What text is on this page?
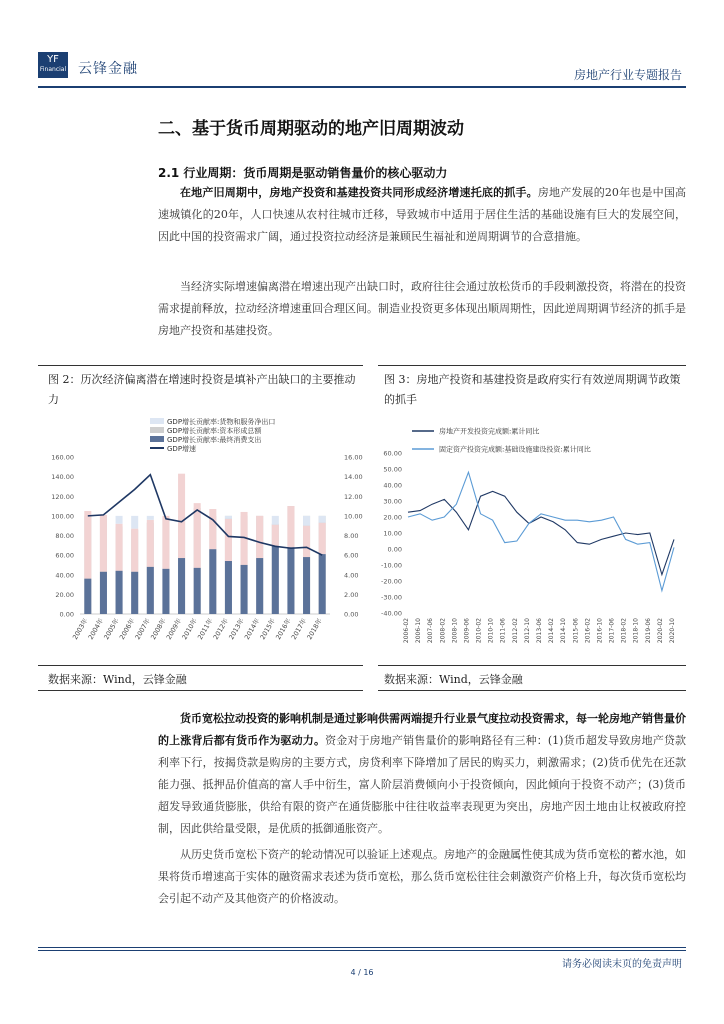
YF
Financial 云锋金融	房地产行业专题报告
二、基于货币周期驱动的地产旧周期波动
2.1 行业周期：货币周期是驱动销售量价的核心驱动力
在地产旧周期中，房地产投资和基建投资共同形成经济增速托底的抓手。房地产发展的20年也是中国高速城镇化的20年，人口快速从农村往城市迁移，导致城市中适用于居住生活的基础设施有巨大的发展空间，因此中国的投资需求广阔，通过投资拉动经济是兼顾民生福祉和逆周期调节的合意措施。
当经济实际增速偏离潜在增速出现产出缺口时，政府往往会通过放松货币的手段刺激投资，将潜在的投资需求提前释放，拉动经济增速重回合理区间。制造业投资更多体现出顺周期性，因此逆周期调节经济的抓手是房地产投资和基建投资。
图 2：历次经济偏离潜在增速时投资是填补产出缺口的主要推动力
图 3：房地产投资和基建投资是政府实行有效逆周期调节政策的抓手
GDP增长贡献率:货物和服务净出口
GDP增长贡献率:资本形成总额
GDP增长贡献率:最终消费支出
GDP增速
0.00
20.00
40.00
60.00
80.00
100.00
120.00
140.00
160.00
0.00
2.00
4.00
6.00
8.00
10.00
12.00
14.00
16.00
2003年
2004年
2005年
2006年
2007年
2008年
2009年
2010年
2011年
2012年
2013年
2014年
2015年
2016年
2017年
2018年
房地产开发投资完成额:累计同比
固定资产投资完成额:基础设施建设投资:累计同比
-40.00
-30.00
-20.00
-10.00
0.00
10.00
20.00
30.00
40.00
50.00
60.00
2006-02 2006-10 2007-06 2008-02 2008-10 2009-06 2010-02 2010-10 2011-06 2012-02 2012-10 2013-06 2014-02 2014-10 2015-06 2016-02 2016-10 2017-06 2018-02 2018-10 2019-06 2020-02 2020-10
数据来源：Wind，云锋金融	数据来源：Wind，云锋金融
货币宽松拉动投资的影响机制是通过影响供需两端提升行业景气度拉动投资需求，每一轮房地产销售量价的上涨背后都有货币作为驱动力。资金对于房地产销售量价的影响路径有三种：(1)货币超发导致房地产贷款利率下行，按揭贷款是购房的主要方式，房贷利率下降增加了居民的购买力，刺激需求；(2)货币优先在还款能力强、抵押品价值高的富人手中衍生，富人阶层消费倾向小于投资倾向，因此倾向于投资不动产；(3)货币超发导致通货膨胀，供给有限的资产在通货膨胀中往往收益率表现更为突出，房地产因土地由让权被政府控制，因此供给量受限，是优质的抵御通胀资产。
从历史货币宽松下资产的轮动情况可以验证上述观点。房地产的金融属性使其成为货币宽松的蓄水池，如果将货币增速高于实体的融资需求表述为货币宽松，那么货币宽松往往会刺激资产价格上升，每次货币宽松均会引起不动产及其他资产的价格波动。
请务必阅读末页的免责声明
4 / 16
